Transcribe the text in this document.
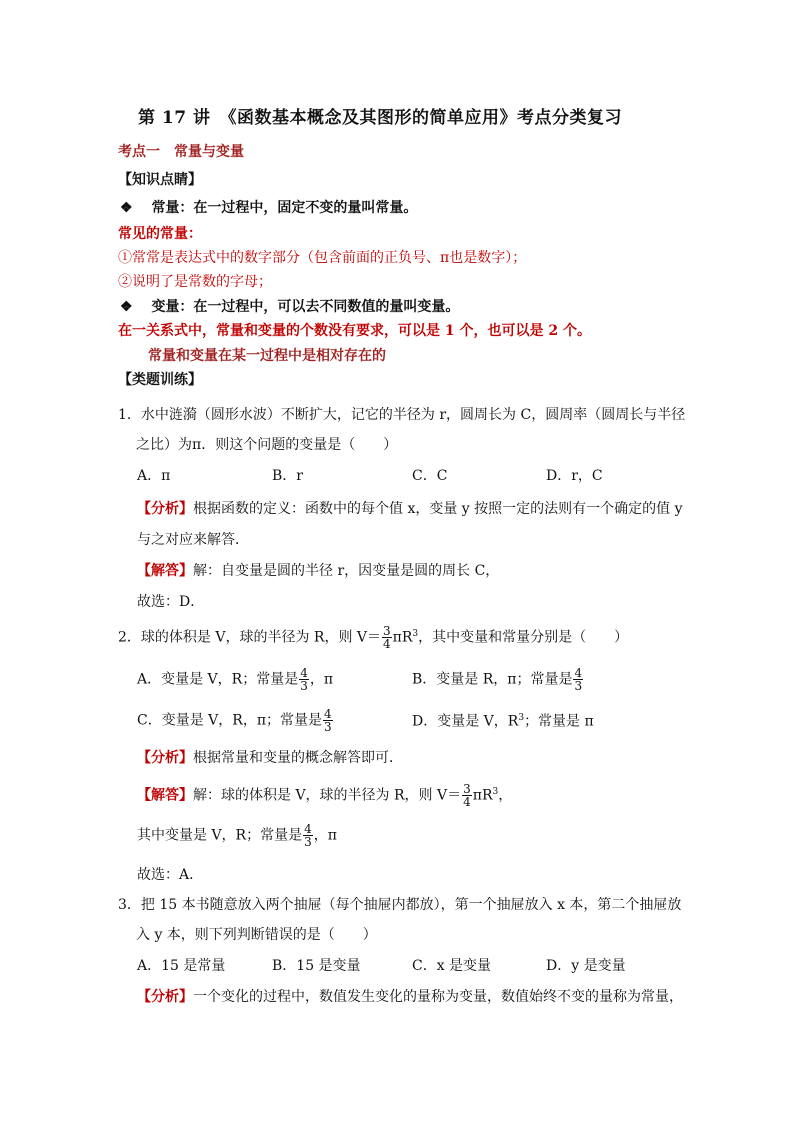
第 17 讲　《函数基本概念及其图形的简单应用》考点分类复习
考点一　常量与变量
【知识点睛】
❖ 常量：在一过程中，固定不变的量叫常量。
常见的常量：
①常常是表达式中的数字部分（包含前面的正负号、π也是数字）；
②说明了是常数的字母；
❖ 变量：在一过程中，可以去不同数值的量叫变量。
在一关系式中，常量和变量的个数没有要求，可以是 1 个，也可以是 2 个。
常量和变量在某一过程中是相对存在的
【类题训练】
1．水中涟漪（圆形水波）不断扩大，记它的半径为 r，圆周长为 C，圆周率（圆周长与半径
之比）为π．则这个问题的变量是（　　）
A．π	B．r	C．C	D．r，C
【分析】根据函数的定义：函数中的每个值 x，变量 y 按照一定的法则有一个确定的值 y
与之对应来解答．
【解答】解：自变量是圆的半径 r，因变量是圆的周长 C，
故选：D．
2．球的体积是 V，球的半径为 R，则 $V= \frac{3}{4} \pi R^3$，其中变量和常量分别是（　　）
A．变量是 V，R；常量是 $\frac{4}{3}$ ，π	B．变量是 R，π；常量是 $\frac{4}{3}$
C．变量是 V，R，π；常量是 $\frac{4}{3}$	D．变量是 V，$R^3$；常量是 π
【分析】根据常量和变量的概念解答即可．
【解答】解：球的体积是 V，球的半径为 R，则 $V= \frac{3}{4} \pi R^3$，
其中变量是 V，R；常量是 $\frac{4}{3}$ ，π
故选：A．
3．把 15 本书随意放入两个抽屉（每个抽屉内都放），第一个抽屉放入 x 本，第二个抽屉放
入 y 本，则下列判断错误的是（　　）
A．15 是常量	B．15 是变量	C．x 是变量	D．y 是变量
【分析】一个变化的过程中，数值发生变化的量称为变量，数值始终不变的量称为常量，
